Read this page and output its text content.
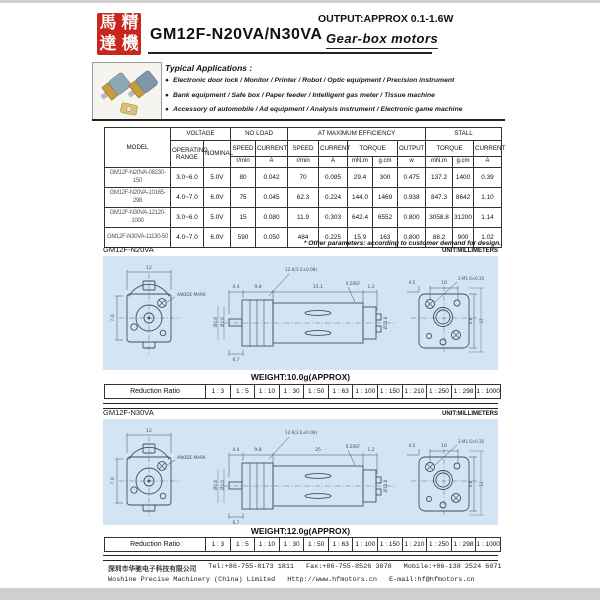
馬 精
達 機 GM12F-N20VA/N30VA
OUTPUT:APPROX 0.1-1.6W
Gear-box motors
Typical Applications :
● Electronic door lock / Monitor / Printer / Robot / Optic equipment / Precision instrument
● Bank equipment / Safe box / Paper feeder / Intelligent gas meter / Tissue machine
● Accessory of automobile / Ad equipment / Analysis instrument / Electronic game machine
MODEL	VOLTAGE		NO LOAD		AT MAXIMUM EFFICIENCY					STALL		
	OPERATING RANGE	NOMINAL	SPEED	CURRENT	SPEED	CURRENT	TORQUE		OUTPUT	TORQUE		CURRENT
			r/min	A	r/min	A	mN.m	g.cm	w	mN.m	g.cm	A
GM12F-N20VA-08230-150	3.0~6.0	5.0V	80	0.042	70	0.095	29.4	300	0.475	137.2	1400	0.39
GM12F-N20VA-10165-298	4.0~7.0	6.0V	75	0.045	62.3	0.224	144.0	1469	0.938	847.3	8642	1.10
GM12F-N30VA-12120-1000	3.0~6.0	5.0V	15	0.080	11.9	0.303	642.4	6552	0.800	3058.8	31200	1.14
GM12F-N30VA-11130-50	4.0~7.0	6.0V	590	0.050	484	0.225	15.9	163	0.800	88.2	900	1.02
* Other parameters: according to customer demand for design.
GM12F-N20VA	UNIT:MILLIMETERS
12
7.0
ANODE MARK
4.4	9.8	15.1	1.2
12.6(3.0±0.08)
0.2REF
Ø4.8 Ø3.0	Ø10.0
6.7
10
4.5
2-M1.6×0.35
9.8 12
WEIGHT:10.0g(APPROX)
Reduction Ratio	1 : 3	1 : 5	1 : 10	1 : 30	1 : 50	1 : 63	1 : 100	1 : 150	1 : 210	1 : 250	1 : 298	1 : 1000
GM12F-N30VA	UNIT:MILLIMETERS
12
7.0
ANODE MARK
4.4	9.8	25	1.2
12.6(3.0±0.08)
0.2REF
Ø4.8 Ø3.0	Ø10.0
6.7
10
4.5
2-M1.6×0.35
9.8 12
WEIGHT:12.0g(APPROX)
Reduction Ratio	1 : 3	1 : 5	1 : 10	1 : 30	1 : 50	1 : 63	1 : 100	1 : 150	1 : 210	1 : 250	1 : 298	1 : 1000
深圳市华驰电子科技有限公司 Tel:+86-755-8173 1811 Fax:+86-755-8526 3878 Mobile:+86-138 2524 6071
Woshine Precise Machinery (China) Limited Http://www.hfmotors.cn E-mail:hf@hfmotors.cn
